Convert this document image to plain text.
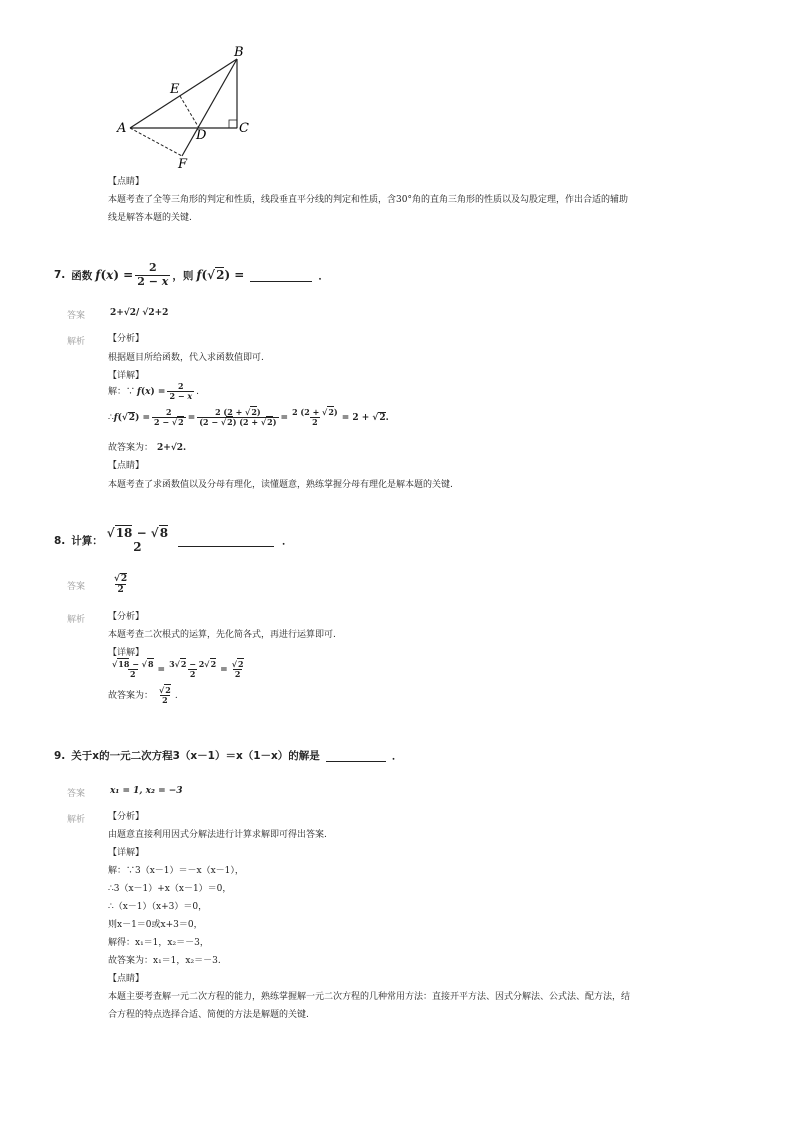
B
E
A	D	C
F
【点睛】
本题考查了全等三角形的判定和性质，线段垂直平分线的判定和性质，含30°角的直角三角形的性质以及勾股定理，作出合适的辅助
线是解答本题的关键.
7. 函数 $f(x) = \frac{2}{2 - x}$ ，则 f(√2) =	．
答案	2+√2/ √2+2
解析	【分析】
根据题目所给函数，代入求函数值即可.
【详解】
解：∵ f $(x) = \frac{2}{2 - x}$ .
∴ $f(√2) = \frac{2}{2 - √2} = \frac{2 (2 + √2)}{(2 - √2) (2 + √2)} = \frac{2 (2 + √2)}{2} = 2 + √2$.
故答案为： 2+√2.
【点睛】
本题考查了求函数值以及分母有理化，读懂题意，熟练掌握分母有理化是解本题的关键.
8. 计算：
√18 − √8
2	．
答案	$\frac{√2}{2}$
解析	【分析】
本题考查二次根式的运算，先化简各式，再进行运算即可.
【详解】
$\frac{√18 - √8}{2} = \frac{3√2 - 2√2}{2} = \frac{√2}{2}$
故答案为： $\frac{√2}{2}$ .
9. 关于x的一元二次方程3（x－1）＝x（1－x）的解是	．
答案	x₁ = 1, x₂ = −3
解析	【分析】
由题意直接利用因式分解法进行计算求解即可得出答案.
【详解】
解：∵3（x－1）＝－x（x－1），
∴3（x－1）+x（x－1）＝0，
∴（x－1）（x+3）＝0，
则x－1＝0或x+3＝0，
解得：x₁＝1，x₂＝－3，
故答案为：x₁＝1，x₂＝－3.
【点睛】
本题主要考查解一元二次方程的能力，熟练掌握解一元二次方程的几种常用方法：直接开平方法、因式分解法、公式法、配方法，结
合方程的特点选择合适、简便的方法是解题的关键.
